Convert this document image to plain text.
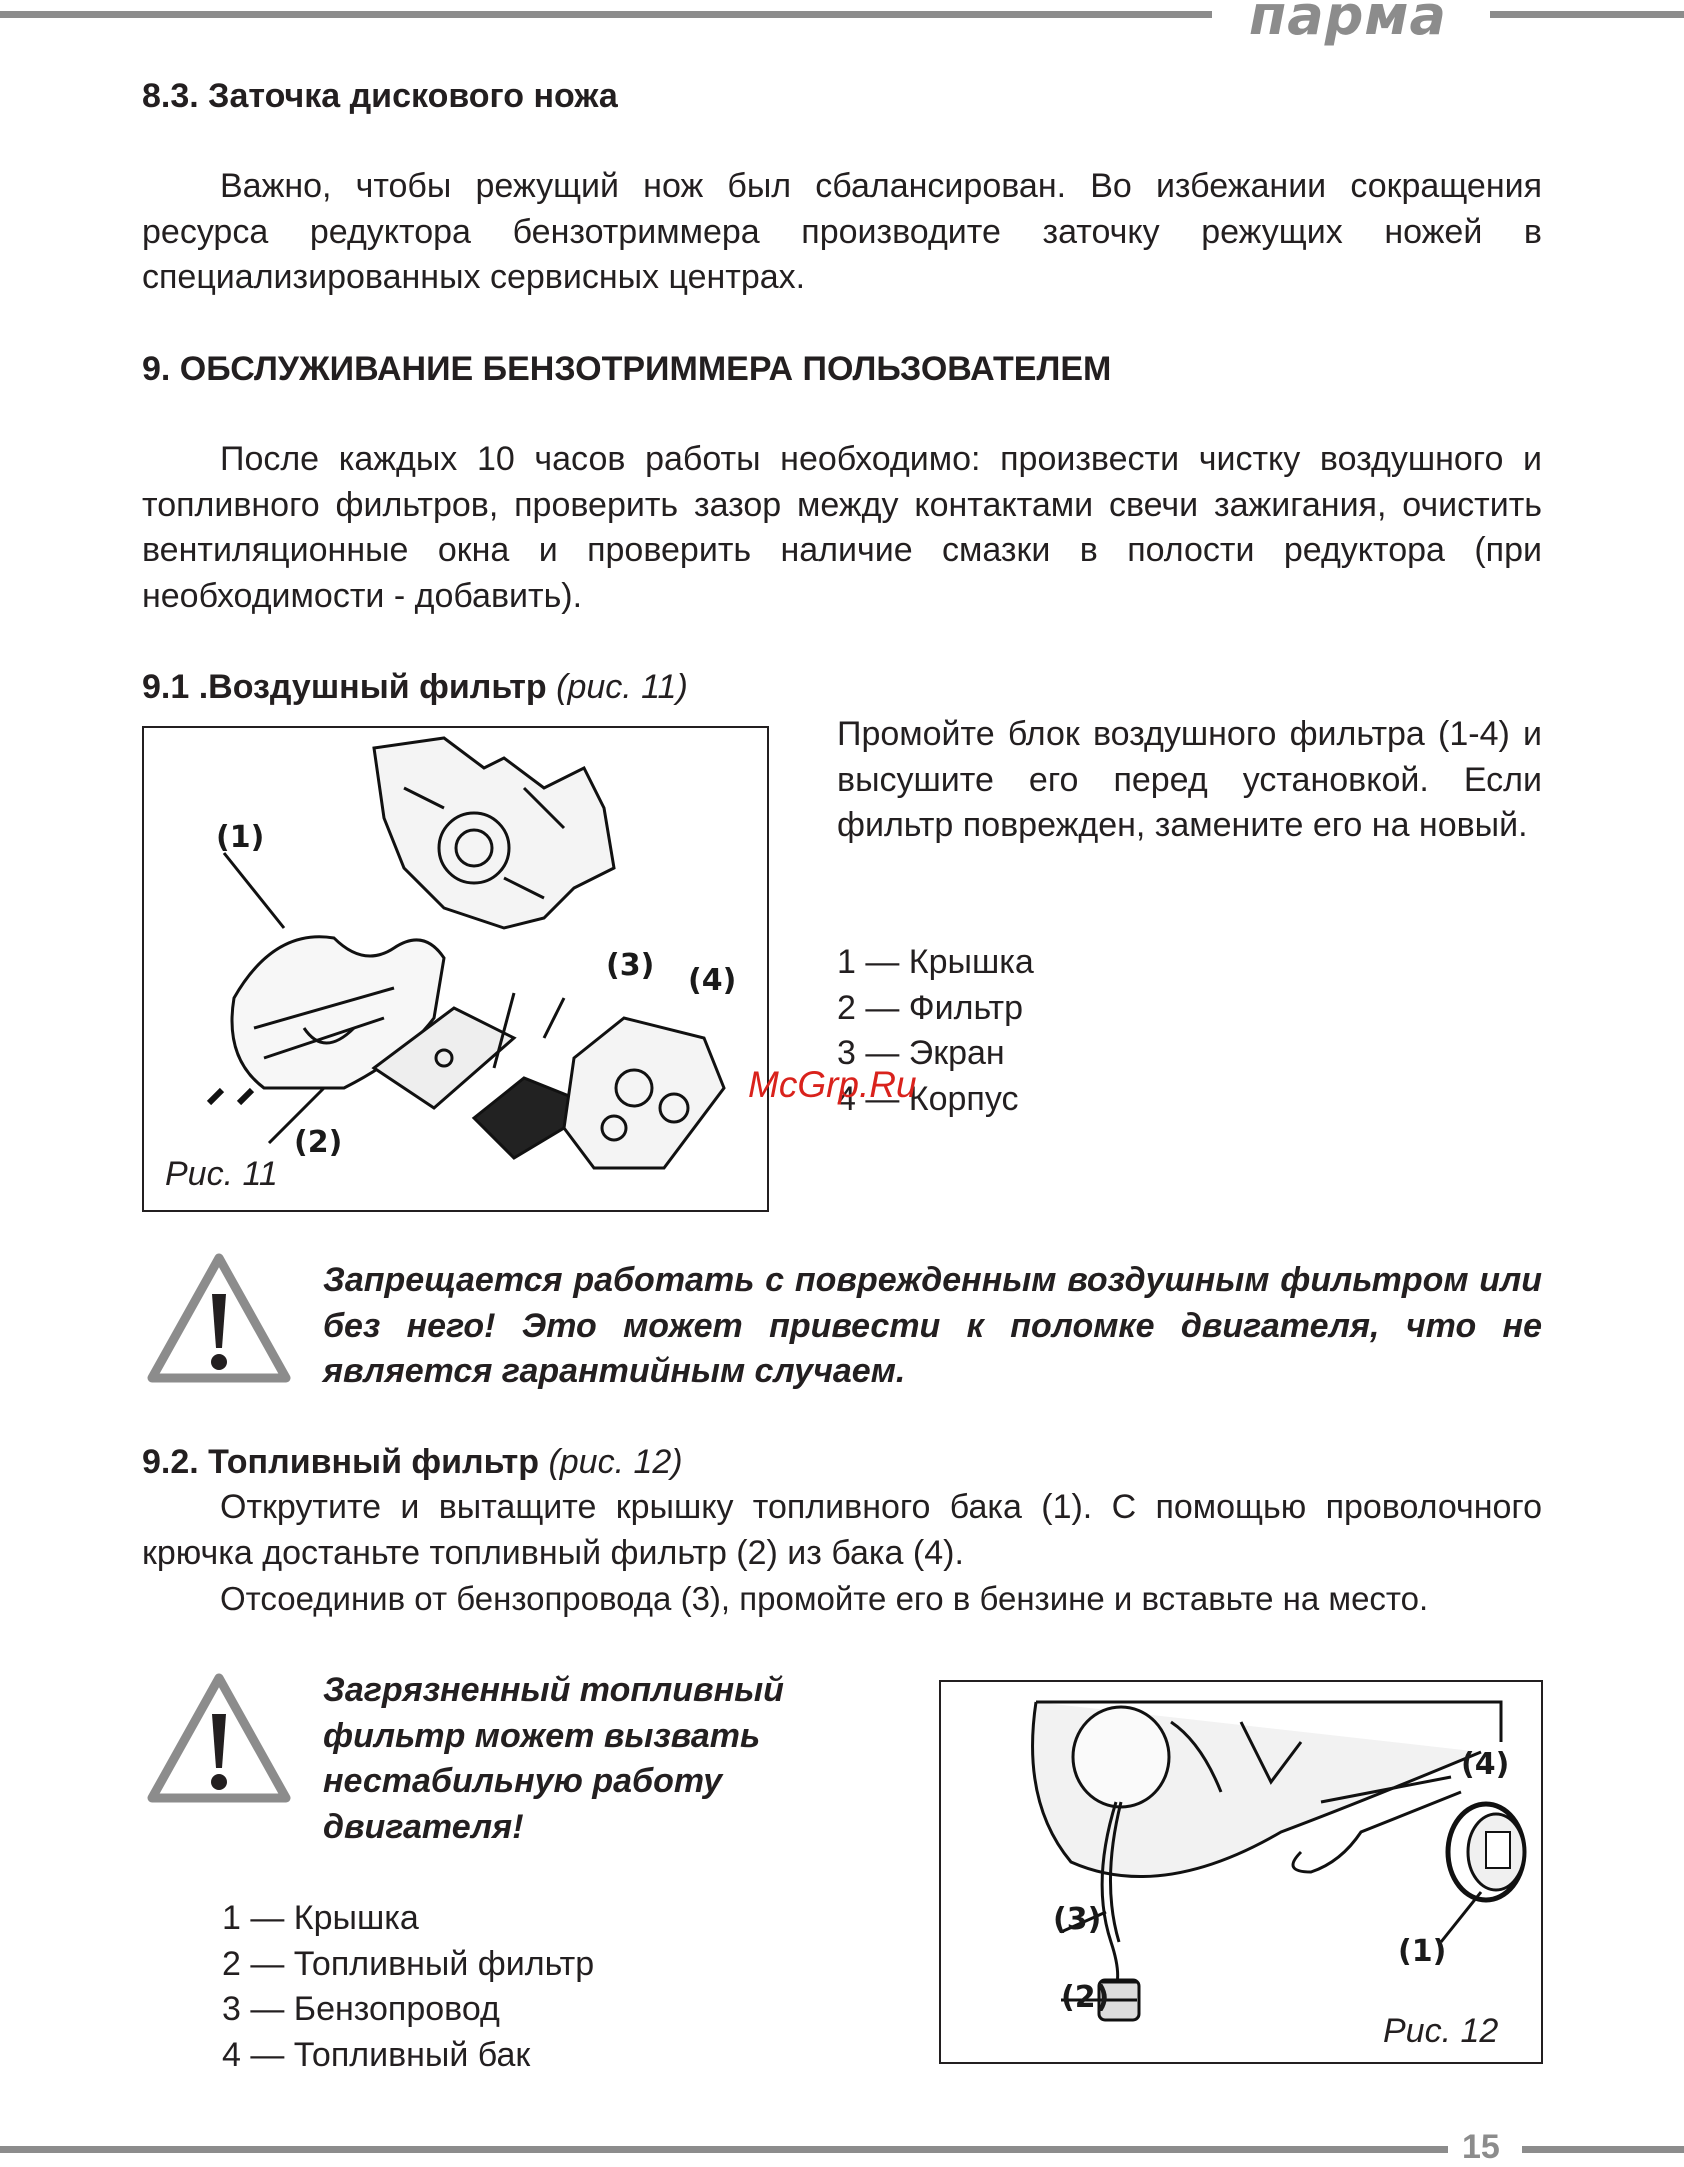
парма
8.3. Заточка дискового ножа
Важно, чтобы режущий нож был сбалансирован. Во избежании сокращения ресурса редуктора бензотриммера производите заточку режущих ножей в специализированных сервисных центрах.
9. ОБСЛУЖИВАНИЕ БЕНЗОТРИММЕРА ПОЛЬЗОВАТЕЛЕМ
После каждых 10 часов работы необходимо: произвести чистку воздушного и топливного фильтров, проверить зазор между контактами свечи зажигания, очистить вентиляционные окна и проверить наличие смазки в полости редуктора (при необходимости - добавить).
9.1 .Воздушный фильтр (рис. 11)
(1)
(2)
(3) (4)
Рис. 11
Промойте блок воздушного фильтра (1-4) и высушите его перед установкой. Если фильтр поврежден, замените его на новый.
1 — Крышка
2 — Фильтр
3 — Экран
4 — Корпус
McGrp.Ru
Запрещается работать с поврежденным воздушным фильтром или без него! Это может привести к поломке двигателя, что не является гарантийным случаем.
9.2. Топливный фильтр (рис. 12)
Открутите и вытащите крышку топливного бака (1). С помощью проволочного крючка достаньте топливный фильтр (2) из бака (4).
Отсоединив от бензопровода (3), промойте его в бензине и вставьте на место.
Загрязненный топливный фильтр может вызвать нестабильную работу двигателя!
1 — Крышка
2 — Топливный фильтр
3 — Бензопровод
4 — Топливный бак
(4)
(3)
(1)
(2)
Рис. 12
15
